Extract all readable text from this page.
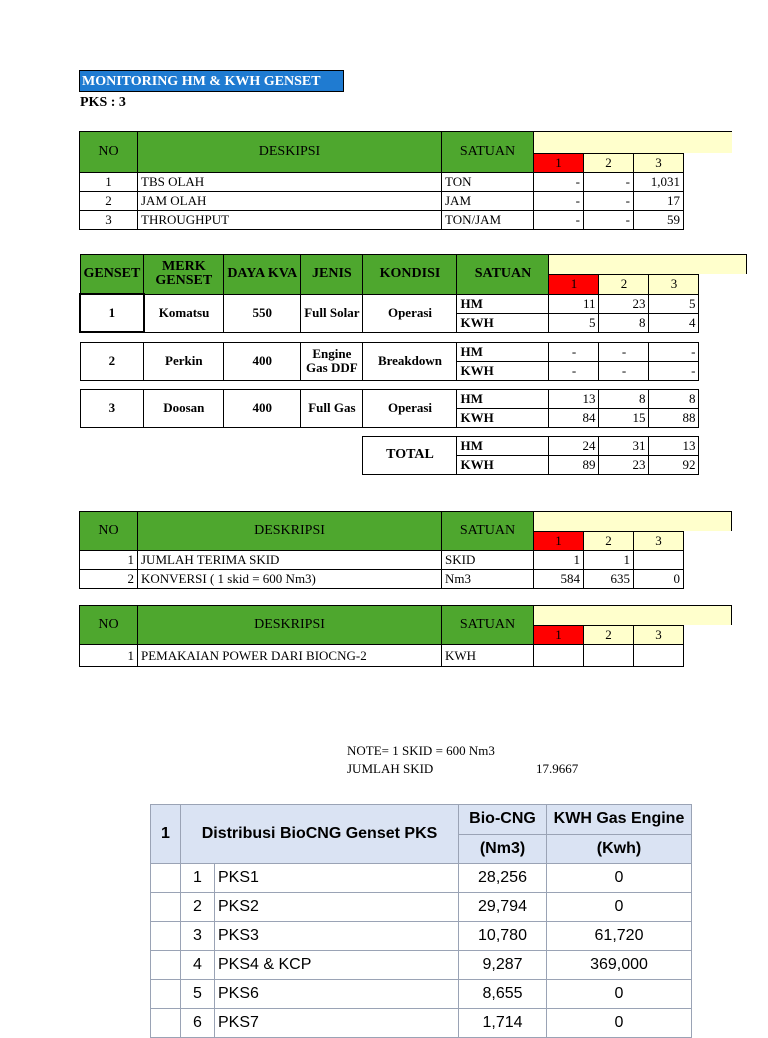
MONITORING HM & KWH GENSET
PKS : 3
NO	DESKIPSI	SATUAN				
			1	2	3	
1	TBS OLAH	TON	-	-	1,031	
2	JAM OLAH	JAM	-	-	17	
3	THROUGHPUT	TON/JAM	-	-	59	
GENSET	MERK GENSET	DAYA KVA	JENIS	KONDISI	SATUAN				
						1	2	3	
1	Komatsu	550	Full Solar	Operasi	HM	11	23	5	
					KWH	5	8	4	

2	Perkin	400	Engine Gas DDF	Breakdown	HM	-	-	-	
					KWH	-	-	-	

3	Doosan	400	Full Gas	Operasi	HM	13	8	8	
					KWH	84	15	88	

				TOTAL	HM	24	31	13	
					KWH	89	23	92	
NO	DESKRIPSI	SATUAN				
			1	2	3	
1	JUMLAH TERIMA SKID	SKID	1	1		
2	KONVERSI ( 1 skid = 600 Nm3)	Nm3	584	635	0	
NO	DESKRIPSI	SATUAN				
			1	2	3	
1	PEMAKAIAN POWER DARI BIOCNG-2	KWH				
NOTE= 1 SKID = 600 Nm3
JUMLAH SKID	17.9667
1	Distribusi BioCNG Genset PKS		Bio-CNG	KWH Gas Engine
			(Nm3)	(Kwh)
	1	PKS1	28,256	0
	2	PKS2	29,794	0
	3	PKS3	10,780	61,720
	4	PKS4 & KCP	9,287	369,000
	5	PKS6	8,655	0
	6	PKS7	1,714	0
